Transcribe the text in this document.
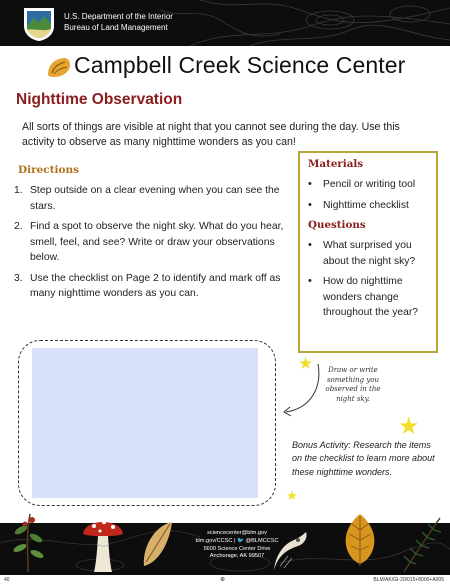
U.S. Department of the Interior
Bureau of Land Management
Campbell Creek Science Center
Nighttime Observation

All sorts of things are visible at night that you cannot see during the day. Use this activity to observe as many nighttime wonders as you can!

Directions
1. Step outside on a clear evening when you can see the stars.
2. Find a spot to observe the night sky. What do you hear, smell, feel, and see? Write or draw your observations below.
3. Use the checklist on Page 2 to identify and mark off as many nighttime wonders as you can.
Materials
•	Pencil or writing tool
•	Nighttime checklist
Questions
•	What surprised you about the night sky?
•	How do nighttime wonders change throughout the year?
★	Draw or write something you observed in the night sky.
★
Bonus Activity: Research the items on the checklist to learn more about these nighttime wonders.
★
sciencecenter@blm.gov
blm.gov/CCSC | 🐦 @BLMCCSC
5600 Science Center Drive
Anchorage, AK 99507
40	⊕	BLM/AK/GI-20/015+8000+A005
